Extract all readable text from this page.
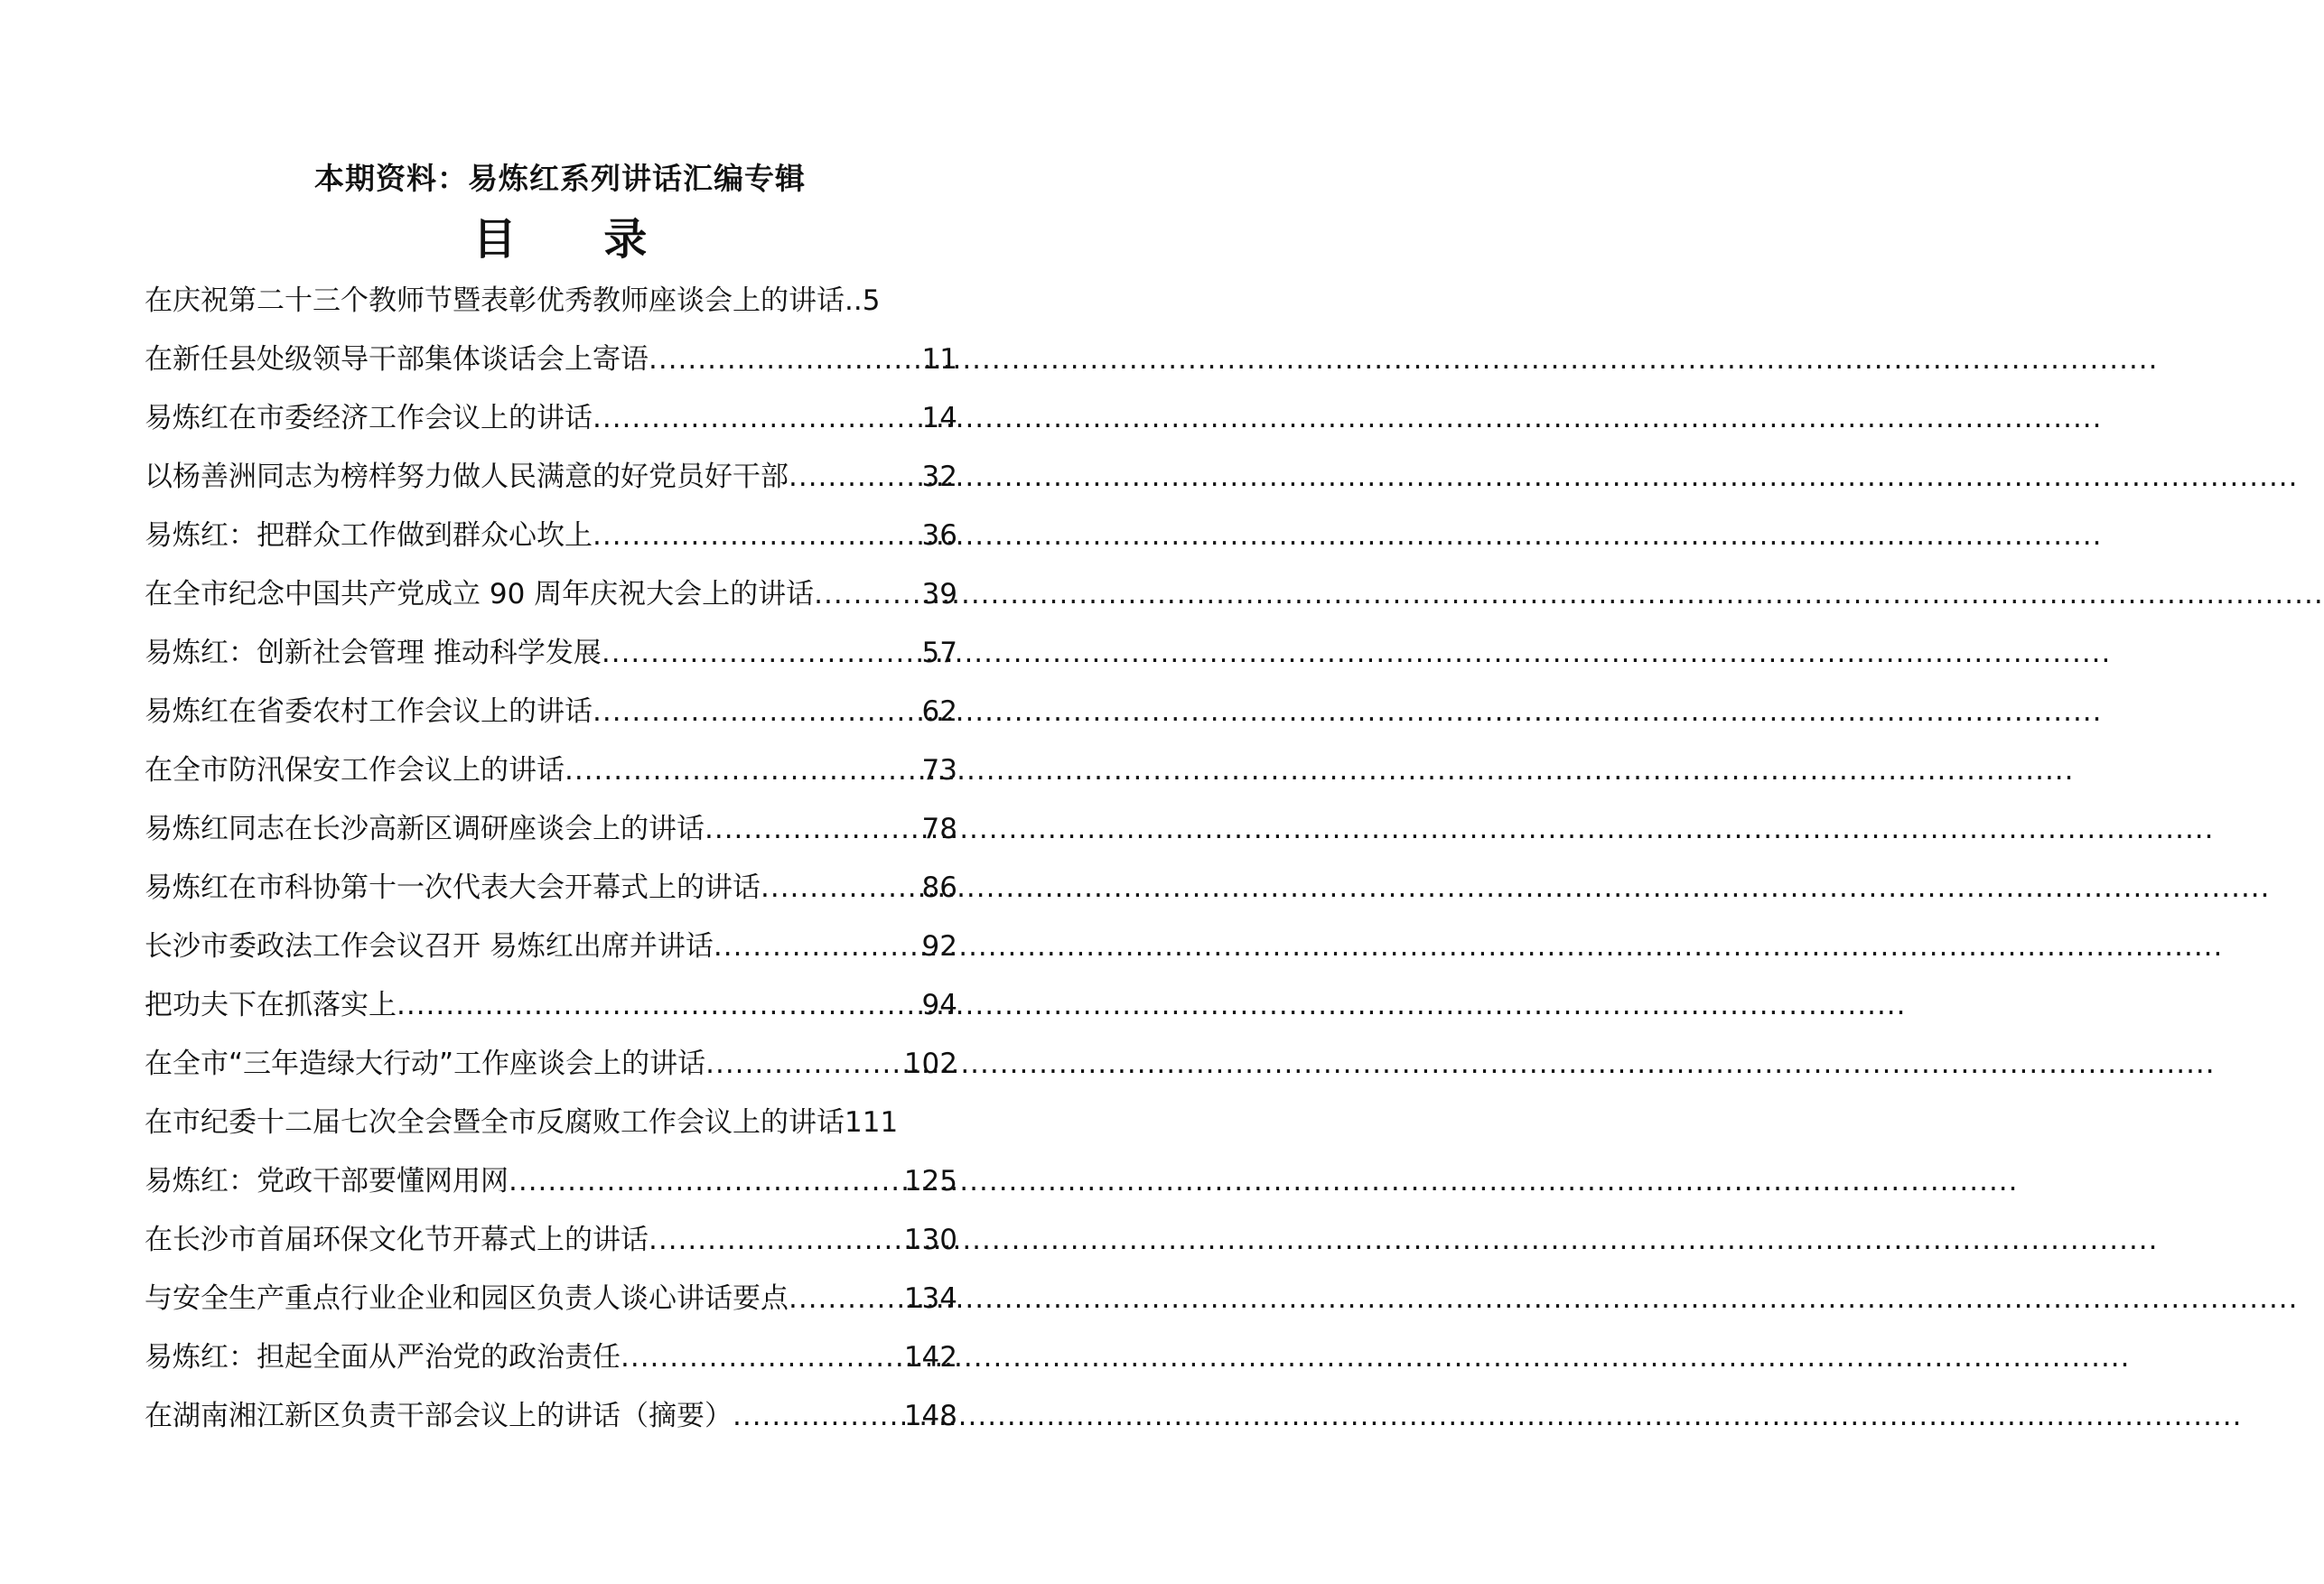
本期资料：易炼红系列讲话汇编专辑
目 录
在庆祝第二十三个教师节暨表彰优秀教师座谈会上的讲话. .5
在新任县处级领导干部集体谈话会上寄语 .....	11
易炼红在市委经济工作会议上的讲话 .....	14
以杨善洲同志为榜样努力做人民满意的好党员好干部 .....	32
易炼红：把群众工作做到群众心坎上 .....	36
在全市纪念中国共产党成立 90 周年庆祝大会上的讲话 .....	39
易炼红：创新社会管理 推动科学发展 .....	57
易炼红在省委农村工作会议上的讲话 .....	62
在全市防汛保安工作会议上的讲话 .....	73
易炼红同志在长沙高新区调研座谈会上的讲话 .....	78
易炼红在市科协第十一次代表大会开幕式上的讲话 .....	86
长沙市委政法工作会议召开 易炼红出席并讲话 .....	92
把功夫下在抓落实上 .....	94
在全市“三年造绿大行动”工作座谈会上的讲话 .....	102
在市纪委十二届七次全会暨全市反腐败工作会议上的讲话 111
易炼红：党政干部要懂网用网 .....	125
在长沙市首届环保文化节开幕式上的讲话 .....	130
与安全生产重点行业企业和园区负责人谈心讲话要点 .....	134
易炼红：担起全面从严治党的政治责任 .....	142
在湖南湘江新区负责干部会议上的讲话（摘要） .....	148
